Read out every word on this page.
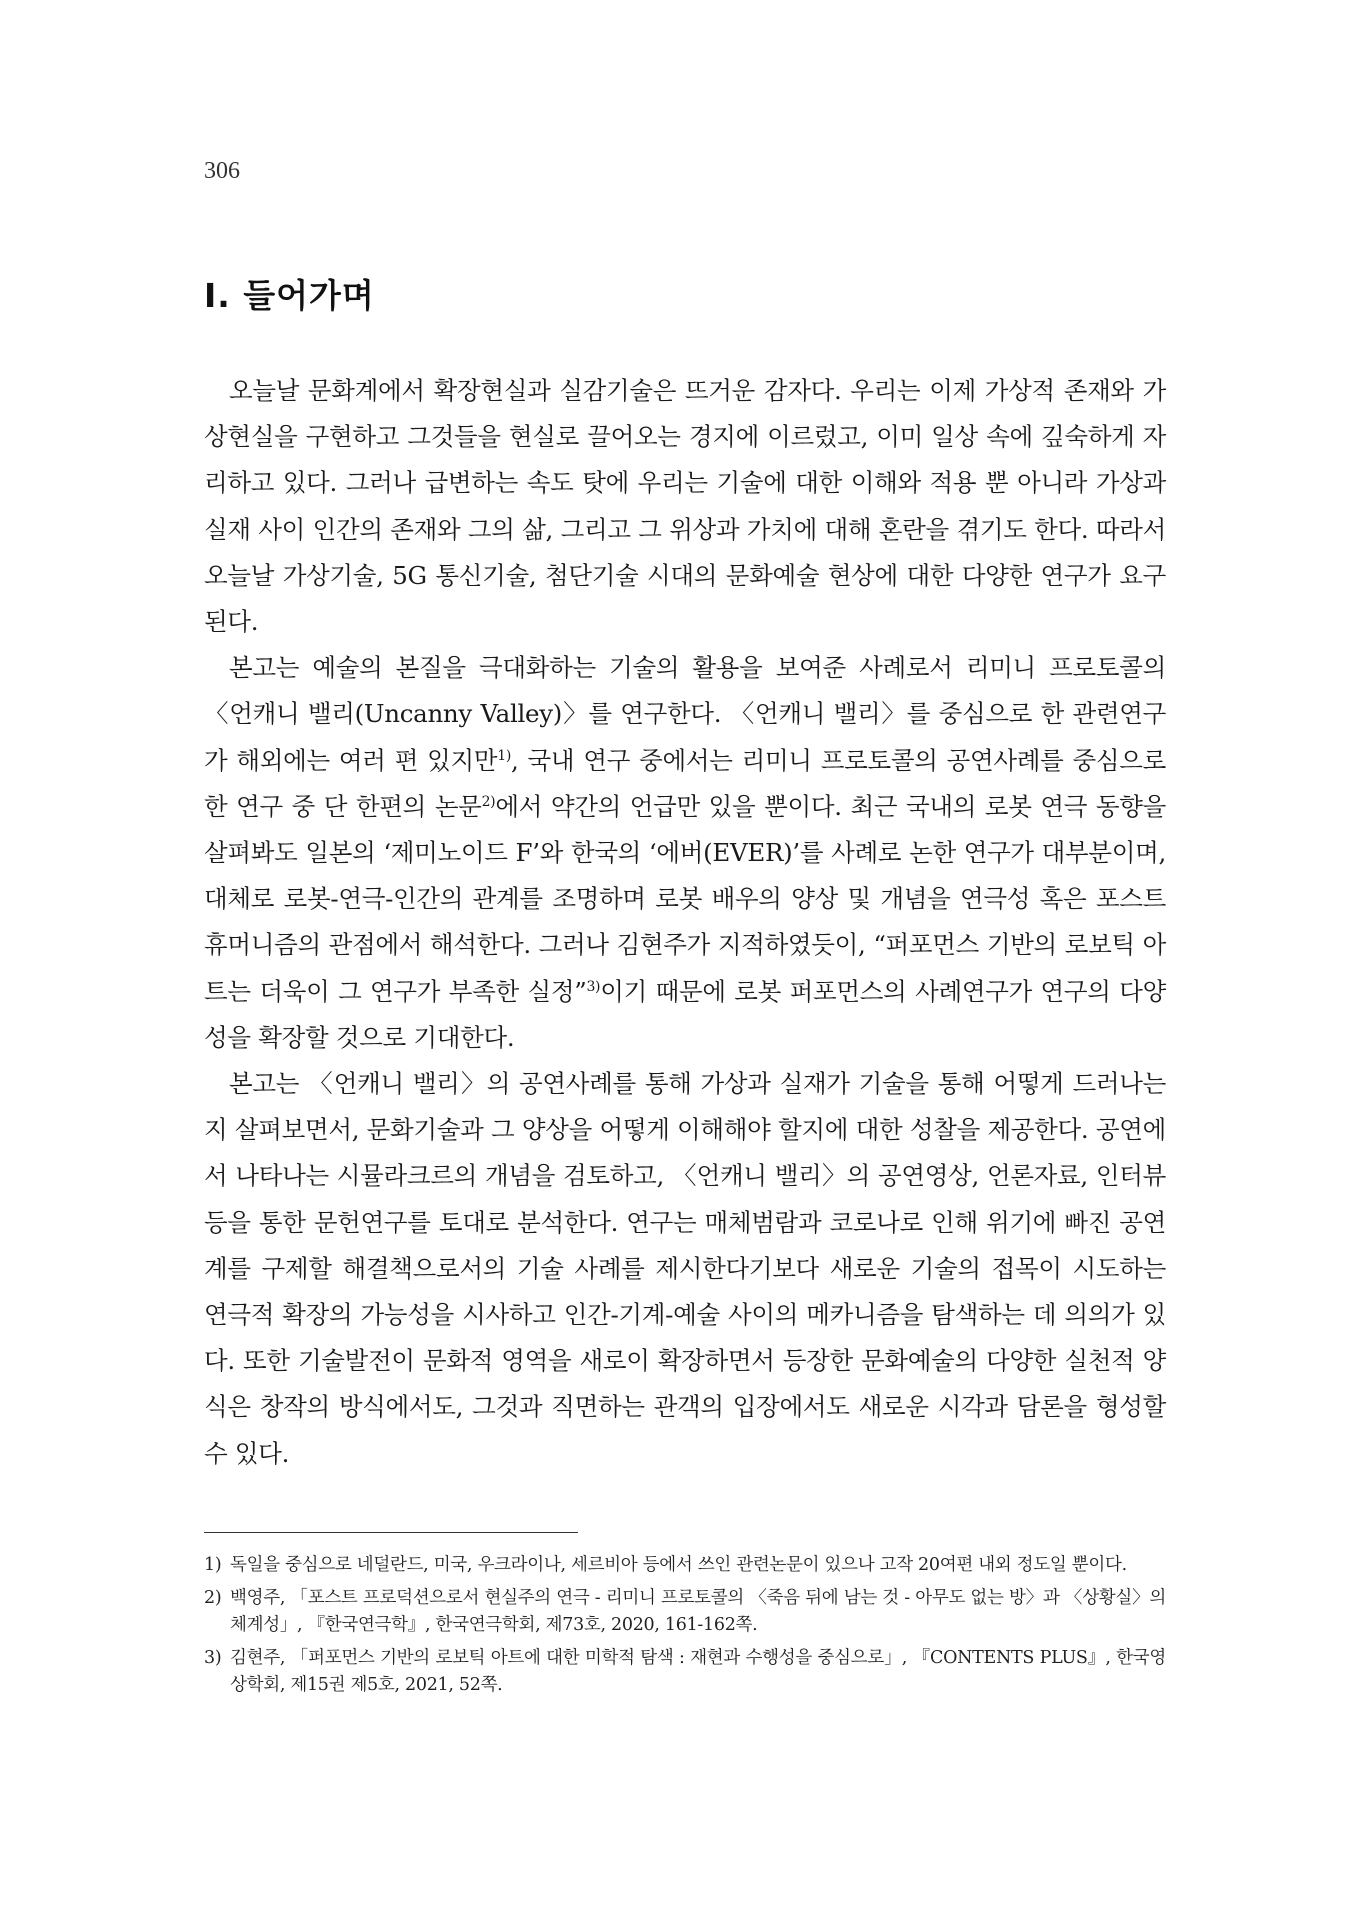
306
Ⅰ. 들어가며

오늘날 문화계에서 확장현실과 실감기술은 뜨거운 감자다. 우리는 이제 가상적 존재와 가상현실을 구현하고 그것들을 현실로 끌어오는 경지에 이르렀고, 이미 일상 속에 깊숙하게 자리하고 있다. 그러나 급변하는 속도 탓에 우리는 기술에 대한 이해와 적용 뿐 아니라 가상과 실재 사이 인간의 존재와 그의 삶, 그리고 그 위상과 가치에 대해 혼란을 겪기도 한다. 따라서 오늘날 가상기술, 5G 통신기술, 첨단기술 시대의 문화예술 현상에 대한 다양한 연구가 요구된다.

본고는 예술의 본질을 극대화하는 기술의 활용을 보여준 사례로서 리미니 프로토콜의 〈언캐니 밸리(Uncanny Valley)〉를 연구한다. 〈언캐니 밸리〉를 중심으로 한 관련연구가 해외에는 여러 편 있지만$^{1)}$, 국내 연구 중에서는 리미니 프로토콜의 공연사례를 중심으로 한 연구 중 단 한편의 논문$^{2)}$에서 약간의 언급만 있을 뿐이다. 최근 국내의 로봇 연극 동향을 살펴봐도 일본의 ‘제미노이드 F’와 한국의 ‘에버(EVER)’를 사례로 논한 연구가 대부분이며, 대체로 로봇-연극-인간의 관계를 조명하며 로봇 배우의 양상 및 개념을 연극성 혹은 포스트휴머니즘의 관점에서 해석한다. 그러나 김현주가 지적하였듯이, “퍼포먼스 기반의 로보틱 아트는 더욱이 그 연구가 부족한 실정”$^{3)}$이기 때문에 로봇 퍼포먼스의 사례연구가 연구의 다양성을 확장할 것으로 기대한다.

본고는 〈언캐니 밸리〉의 공연사례를 통해 가상과 실재가 기술을 통해 어떻게 드러나는지 살펴보면서, 문화기술과 그 양상을 어떻게 이해해야 할지에 대한 성찰을 제공한다. 공연에서 나타나는 시뮬라크르의 개념을 검토하고, 〈언캐니 밸리〉의 공연영상, 언론자료, 인터뷰 등을 통한 문헌연구를 토대로 분석한다. 연구는 매체범람과 코로나로 인해 위기에 빠진 공연계를 구제할 해결책으로서의 기술 사례를 제시한다기보다 새로운 기술의 접목이 시도하는 연극적 확장의 가능성을 시사하고 인간-기계-예술 사이의 메카니즘을 탐색하는 데 의의가 있다. 또한 기술발전이 문화적 영역을 새로이 확장하면서 등장한 문화예술의 다양한 실천적 양식은 창작의 방식에서도, 그것과 직면하는 관객의 입장에서도 새로운 시각과 담론을 형성할 수 있다.

1) 독일을 중심으로 네덜란드, 미국, 우크라이나, 세르비아 등에서 쓰인 관련논문이 있으나 고작 20여편 내외 정도일 뿐이다.
2) 백영주, 「포스트 프로덕션으로서 현실주의 연극 - 리미니 프로토콜의 〈죽음 뒤에 남는 것 - 아무도 없는 방〉과 〈상황실〉의 체계성」, 『한국연극학』, 한국연극학회, 제73호, 2020, 161-162쪽.
3) 김현주, 「퍼포먼스 기반의 로보틱 아트에 대한 미학적 탐색 : 재현과 수행성을 중심으로」, 『CONTENTS PLUS』, 한국영상학회, 제15권 제5호, 2021, 52쪽.
